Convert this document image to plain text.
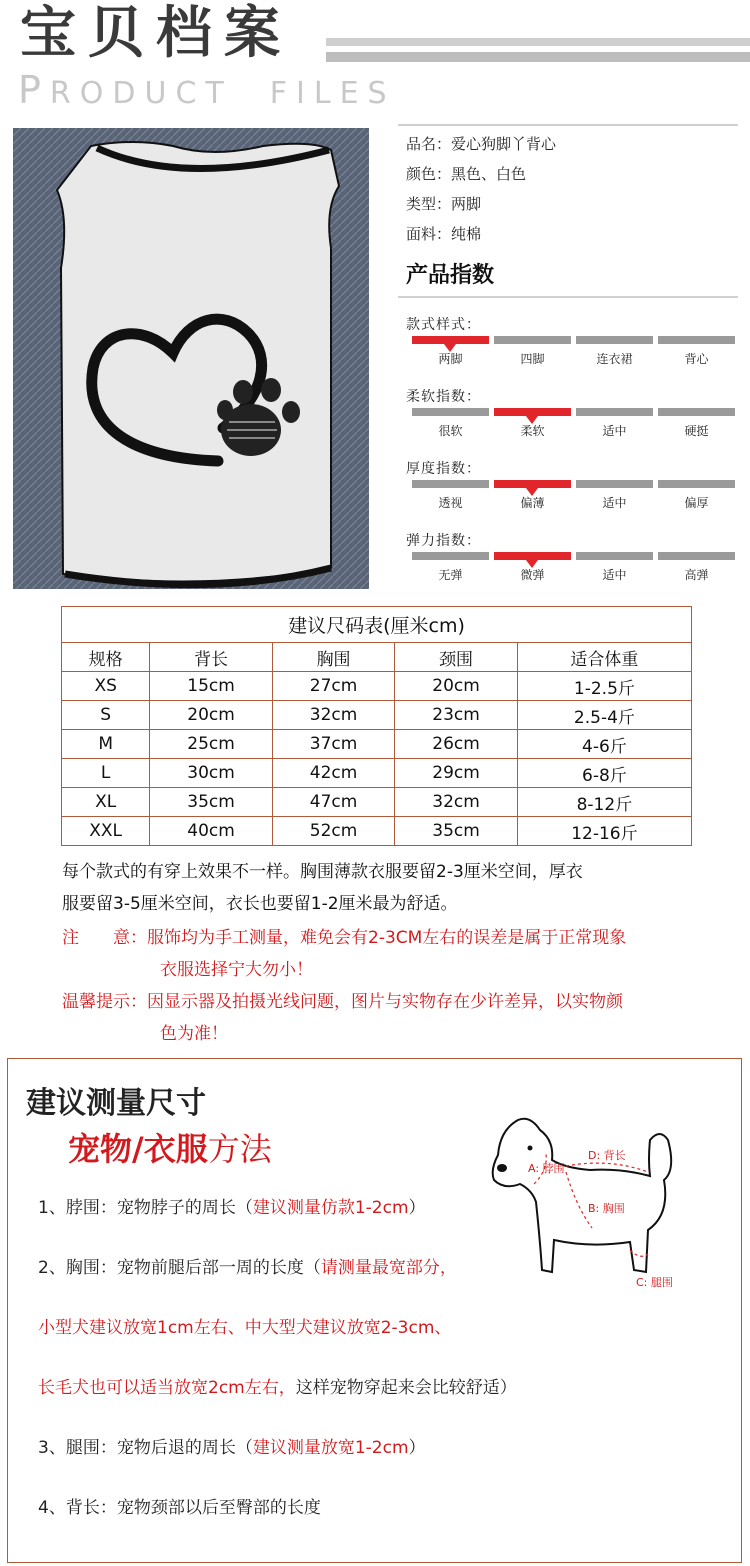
宝贝档案
PRODUCT  FILES
品名：爱心狗脚丫背心
颜色：黑色、白色
类型：两脚
面料：纯棉
产品指数
款式样式：
两脚	四脚	连衣裙	背心
柔软指数：
很软	柔软	适中	硬挺
厚度指数：
透视	偏薄	适中	偏厚
弹力指数：
无弹	微弹	适中	高弹
建议尺码表(厘米cm)				
规格	背长	胸围	颈围	适合体重
XS	15cm	27cm	20cm	1-2.5斤
S	20cm	32cm	23cm	2.5-4斤
M	25cm	37cm	26cm	4-6斤
L	30cm	42cm	29cm	6-8斤
XL	35cm	47cm	32cm	8-12斤
XXL	40cm	52cm	35cm	12-16斤
每个款式的有穿上效果不一样。胸围薄款衣服要留2-3厘米空间，厚衣
服要留3-5厘米空间，衣长也要留1-2厘米最为舒适。
注　　意：服饰均为手工测量，难免会有2-3CM左右的误差是属于正常现象
衣服选择宁大勿小！
温馨提示：因显示器及拍摄光线问题，图片与实物存在少许差异，以实物颜
色为准！
建议测量尺寸
宠物/衣服方法
A: 脖围
D: 背长
B: 胸围
C: 腿围
1、脖围：宠物脖子的周长（建议测量仿款1-2cm）
2、胸围：宠物前腿后部一周的长度（请测量最宽部分，
小型犬建议放宽1cm左右、中大型犬建议放宽2-3cm、
长毛犬也可以适当放宽2cm左右，这样宠物穿起来会比较舒适）
3、腿围：宠物后退的周长（建议测量放宽1-2cm）
4、背长：宠物颈部以后至臀部的长度
